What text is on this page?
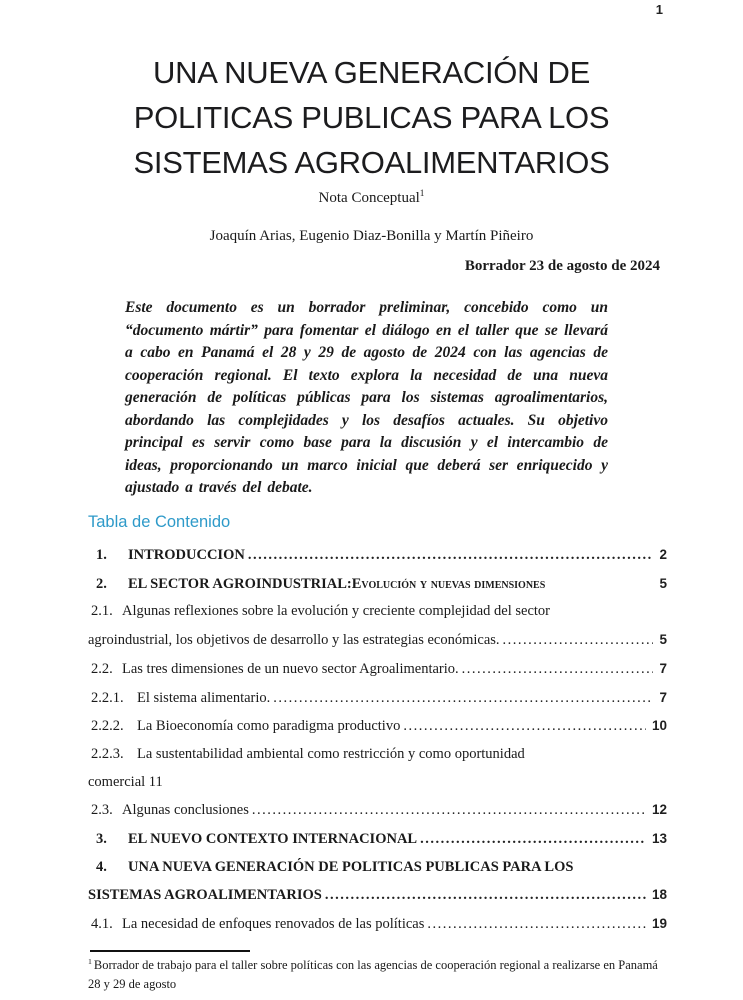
1
UNA NUEVA GENERACIÓN DE
POLITICAS PUBLICAS PARA LOS
SISTEMAS AGROALIMENTARIOS
Nota Conceptual$^1$
Joaquín Arias, Eugenio Diaz-Bonilla y Martín Piñeiro
Borrador 23 de agosto de 2024
Este documento es un borrador preliminar, concebido como un “documento mártir” para fomentar el diálogo en el taller que se llevará a cabo en Panamá el 28 y 29 de agosto de 2024 con las agencias de cooperación regional. El texto explora la necesidad de una nueva generación de políticas públicas para los sistemas agroalimentarios, abordando las complejidades y los desafíos actuales. Su objetivo principal es servir como base para la discusión y el intercambio de ideas, proporcionando un marco inicial que deberá ser enriquecido y ajustado a través del debate.
Tabla de Contenido
1.	INTRODUCCION .....	2
2.	EL SECTOR AGROINDUSTRIAL: Evolución y nuevas dimensiones	5
2.1. Algunas reflexiones sobre la evolución y creciente complejidad del sector
agroindustrial, los objetivos de desarrollo y las estrategias económicas. .....	5
2.2. Las tres dimensiones de un nuevo sector Agroalimentario. .....	7
2.2.1. El sistema alimentario. .....	7
2.2.2. La Bioeconomía como paradigma productivo .....	10
2.2.3. La sustentabilidad ambiental como restricción y como oportunidad
comercial 11
2.3. Algunas conclusiones .....	12
3.	EL NUEVO CONTEXTO INTERNACIONAL .....	13
4.	UNA NUEVA GENERACIÓN DE POLITICAS PUBLICAS PARA LOS
SISTEMAS AGROALIMENTARIOS .....	18
4.1. La necesidad de enfoques renovados de las políticas .....	19
$^1$ Borrador de trabajo para el taller sobre políticas con las agencias de cooperación regional a realizarse en Panamá 28 y 29 de agosto
